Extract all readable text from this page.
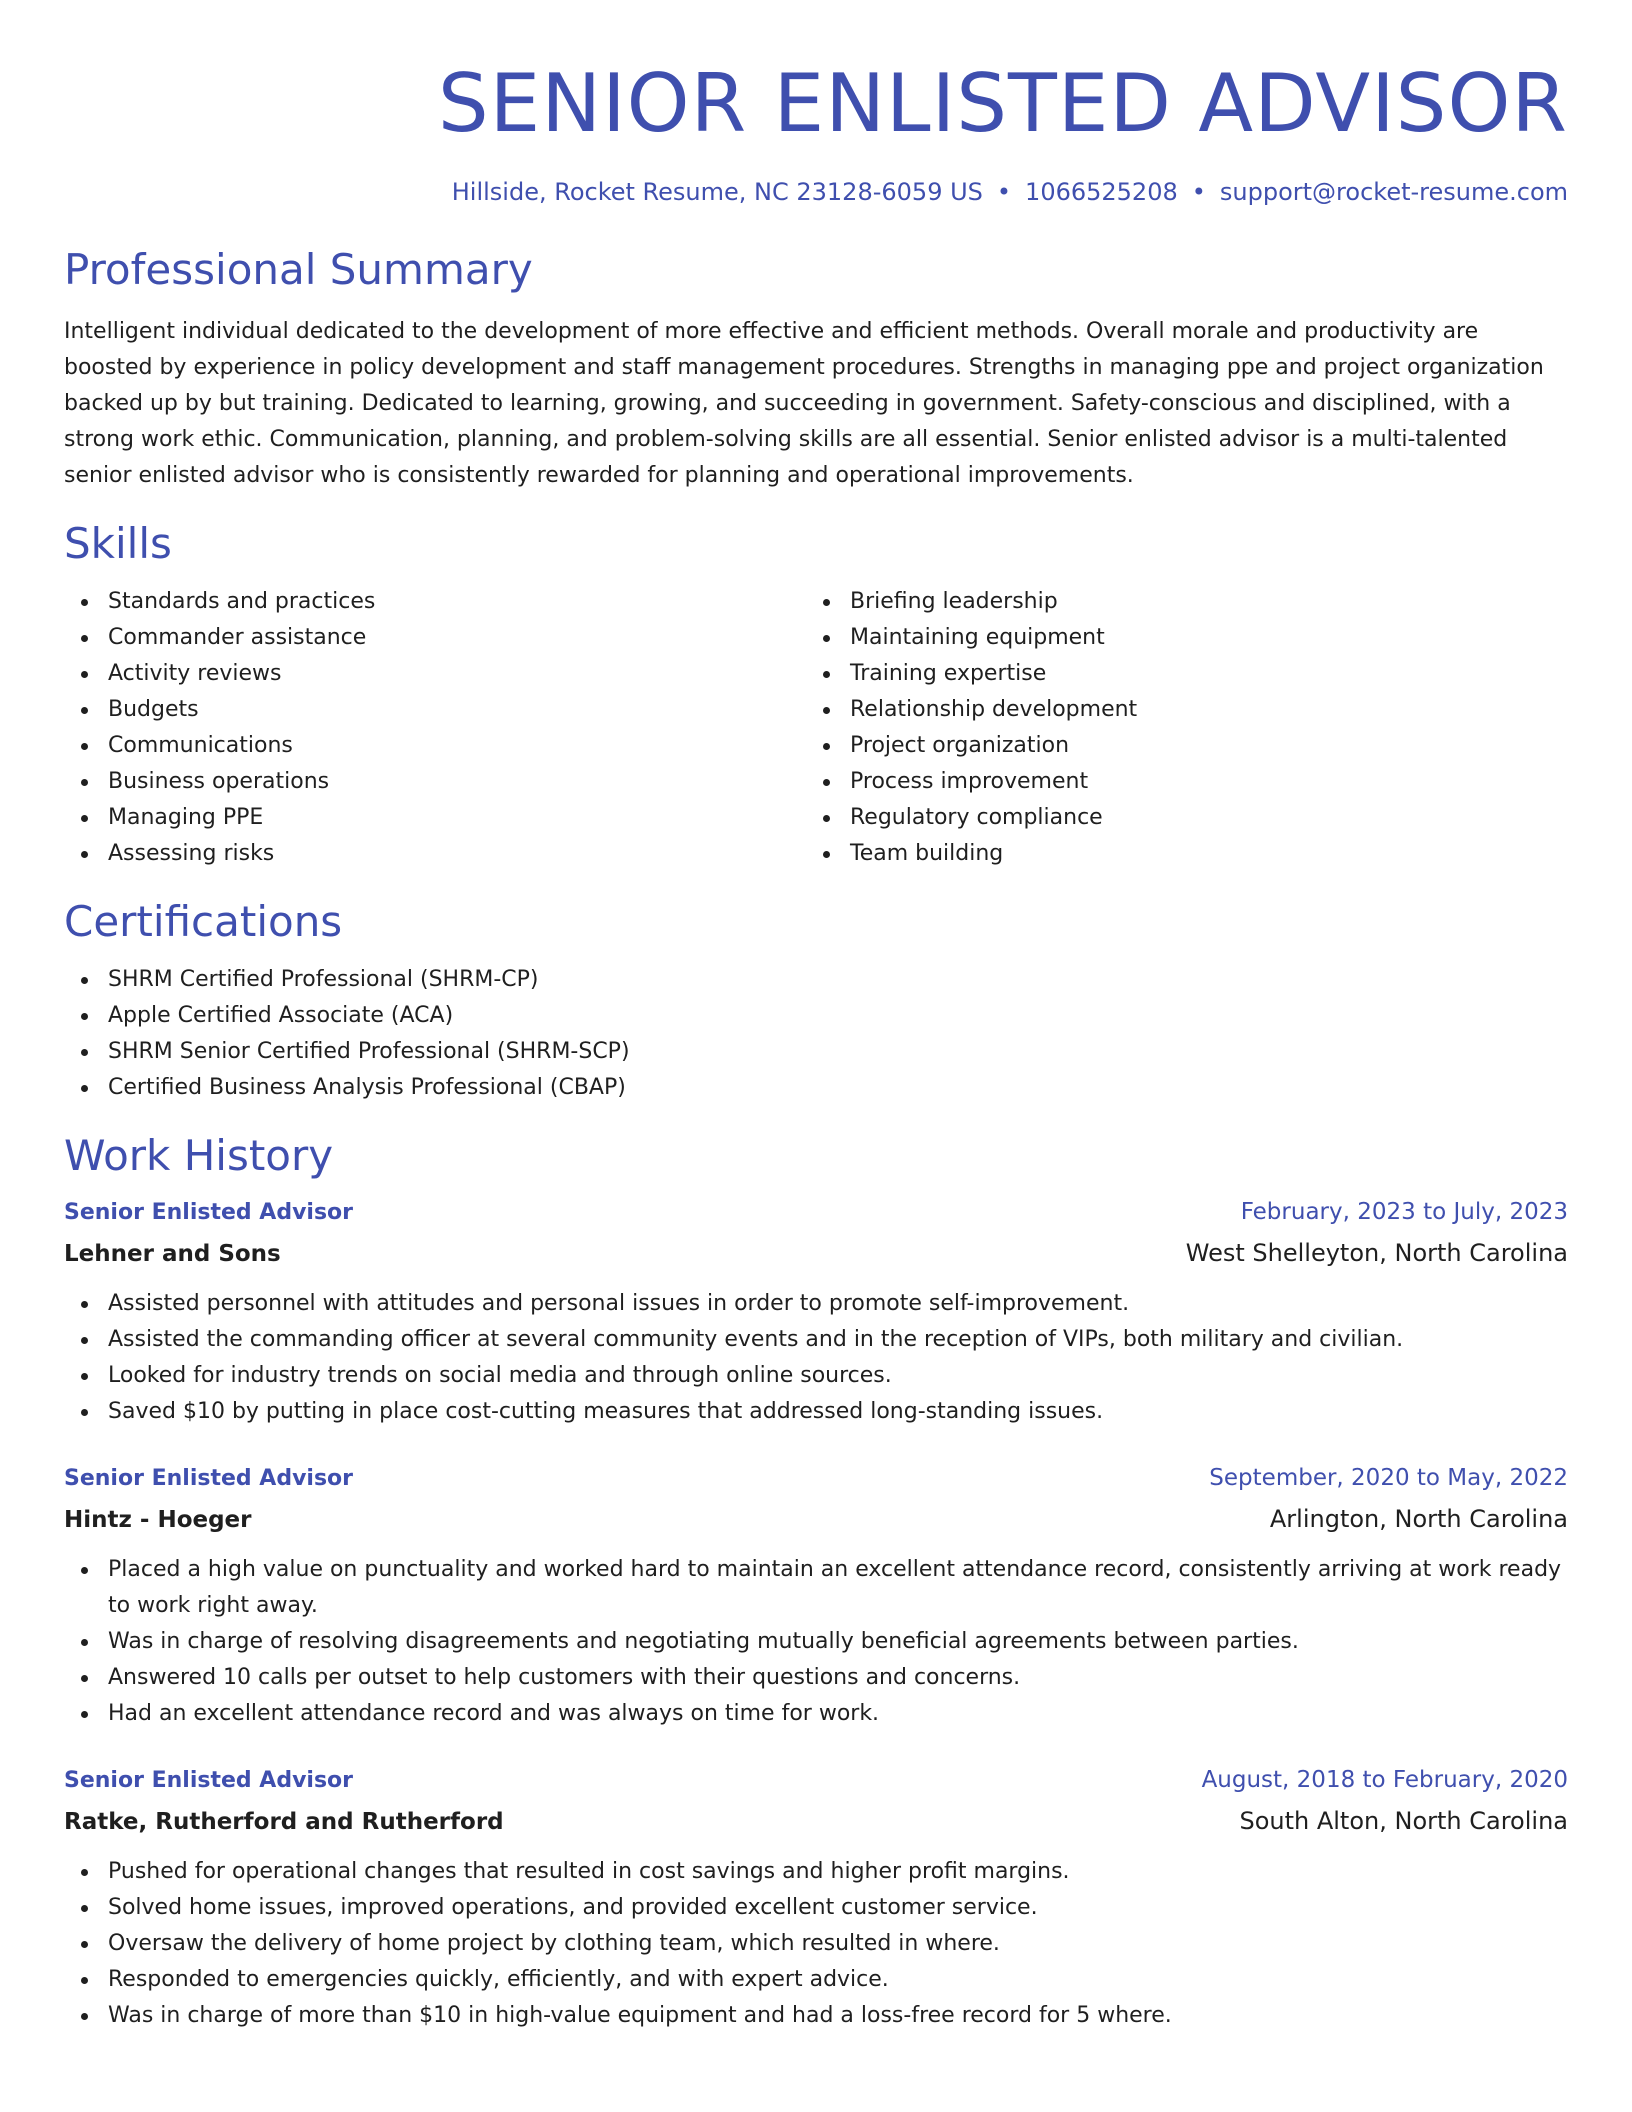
SENIOR ENLISTED ADVISOR
Hillside, Rocket Resume, NC 23128-6059 US • 1066525208 • support@rocket-resume.com
Professional Summary

Intelligent individual dedicated to the development of more effective and efficient methods. Overall morale and productivity are boosted by experience in policy development and staff management procedures. Strengths in managing ppe and project organization backed up by but training. Dedicated to learning, growing, and succeeding in government. Safety-conscious and disciplined, with a strong work ethic. Communication, planning, and problem-solving skills are all essential. Senior enlisted advisor is a multi-talented senior enlisted advisor who is consistently rewarded for planning and operational improvements.

Skills
Standards and practices
Commander assistance
Activity reviews
Budgets
Communications
Business operations
Managing PPE
Assessing risks
Briefing leadership
Maintaining equipment
Training expertise
Relationship development
Project organization
Process improvement
Regulatory compliance
Team building
Certifications
SHRM Certified Professional (SHRM-CP)
Apple Certified Associate (ACA)
SHRM Senior Certified Professional (SHRM-SCP)
Certified Business Analysis Professional (CBAP)
Work History
Senior Enlisted Advisor	February, 2023 to July, 2023
Lehner and Sons	West Shelleyton, North Carolina
Assisted personnel with attitudes and personal issues in order to promote self-improvement.
Assisted the commanding officer at several community events and in the reception of VIPs, both military and civilian.
Looked for industry trends on social media and through online sources.
Saved $10 by putting in place cost-cutting measures that addressed long-standing issues.
Senior Enlisted Advisor	September, 2020 to May, 2022
Hintz - Hoeger	Arlington, North Carolina
Placed a high value on punctuality and worked hard to maintain an excellent attendance record, consistently arriving at work ready to work right away.
Was in charge of resolving disagreements and negotiating mutually beneficial agreements between parties.
Answered 10 calls per outset to help customers with their questions and concerns.
Had an excellent attendance record and was always on time for work.
Senior Enlisted Advisor	August, 2018 to February, 2020
Ratke, Rutherford and Rutherford	South Alton, North Carolina
Pushed for operational changes that resulted in cost savings and higher profit margins.
Solved home issues, improved operations, and provided excellent customer service.
Oversaw the delivery of home project by clothing team, which resulted in where.
Responded to emergencies quickly, efficiently, and with expert advice.
Was in charge of more than $10 in high-value equipment and had a loss-free record for 5 where.
